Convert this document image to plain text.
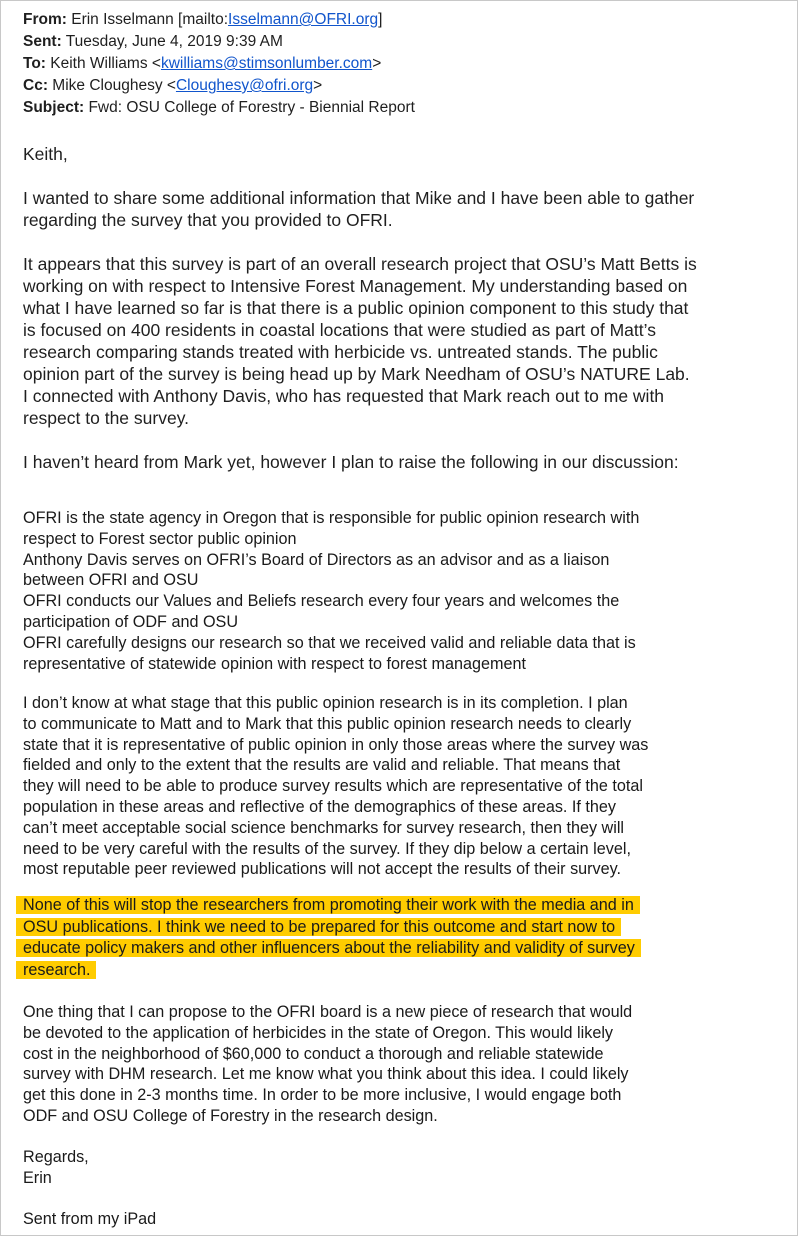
From: Erin Isselmann [mailto:Isselmann@OFRI.org]
Sent: Tuesday, June 4, 2019 9:39 AM
To: Keith Williams <kwilliams@stimsonlumber.com>
Cc: Mike Cloughesy <Cloughesy@ofri.org>
Subject: Fwd: OSU College of Forestry - Biennial Report

Keith,

I wanted to share some additional information that Mike and I have been able to gather
regarding the survey that you provided to OFRI.
It appears that this survey is part of an overall research project that OSU’s Matt Betts is
working on with respect to Intensive Forest Management. My understanding based on
what I have learned so far is that there is a public opinion component to this study that
is focused on 400 residents in coastal locations that were studied as part of Matt’s
research comparing stands treated with herbicide vs. untreated stands. The public
opinion part of the survey is being head up by Mark Needham of OSU’s NATURE Lab.
I connected with Anthony Davis, who has requested that Mark reach out to me with
respect to the survey.

I haven’t heard from Mark yet, however I plan to raise the following in our discussion:

OFRI is the state agency in Oregon that is responsible for public opinion research with
respect to Forest sector public opinion
Anthony Davis serves on OFRI’s Board of Directors as an advisor and as a liaison
between OFRI and OSU
OFRI conducts our Values and Beliefs research every four years and welcomes the
participation of ODF and OSU
OFRI carefully designs our research so that we received valid and reliable data that is
representative of statewide opinion with respect to forest management
I don’t know at what stage that this public opinion research is in its completion. I plan
to communicate to Matt and to Mark that this public opinion research needs to clearly
state that it is representative of public opinion in only those areas where the survey was
fielded and only to the extent that the results are valid and reliable. That means that
they will need to be able to produce survey results which are representative of the total
population in these areas and reflective of the demographics of these areas. If they
can’t meet acceptable social science benchmarks for survey research, then they will
need to be very careful with the results of the survey. If they dip below a certain level,
most reputable peer reviewed publications will not accept the results of their survey.
None of this will stop the researchers from promoting their work with the media and in
OSU publications. I think we need to be prepared for this outcome and start now to
educate policy makers and other influencers about the reliability and validity of survey
research.
One thing that I can propose to the OFRI board is a new piece of research that would
be devoted to the application of herbicides in the state of Oregon. This would likely
cost in the neighborhood of $60,000 to conduct a thorough and reliable statewide
survey with DHM research. Let me know what you think about this idea. I could likely
get this done in 2-3 months time. In order to be more inclusive, I would engage both
ODF and OSU College of Forestry in the research design.
Regards,
Erin
Sent from my iPad
